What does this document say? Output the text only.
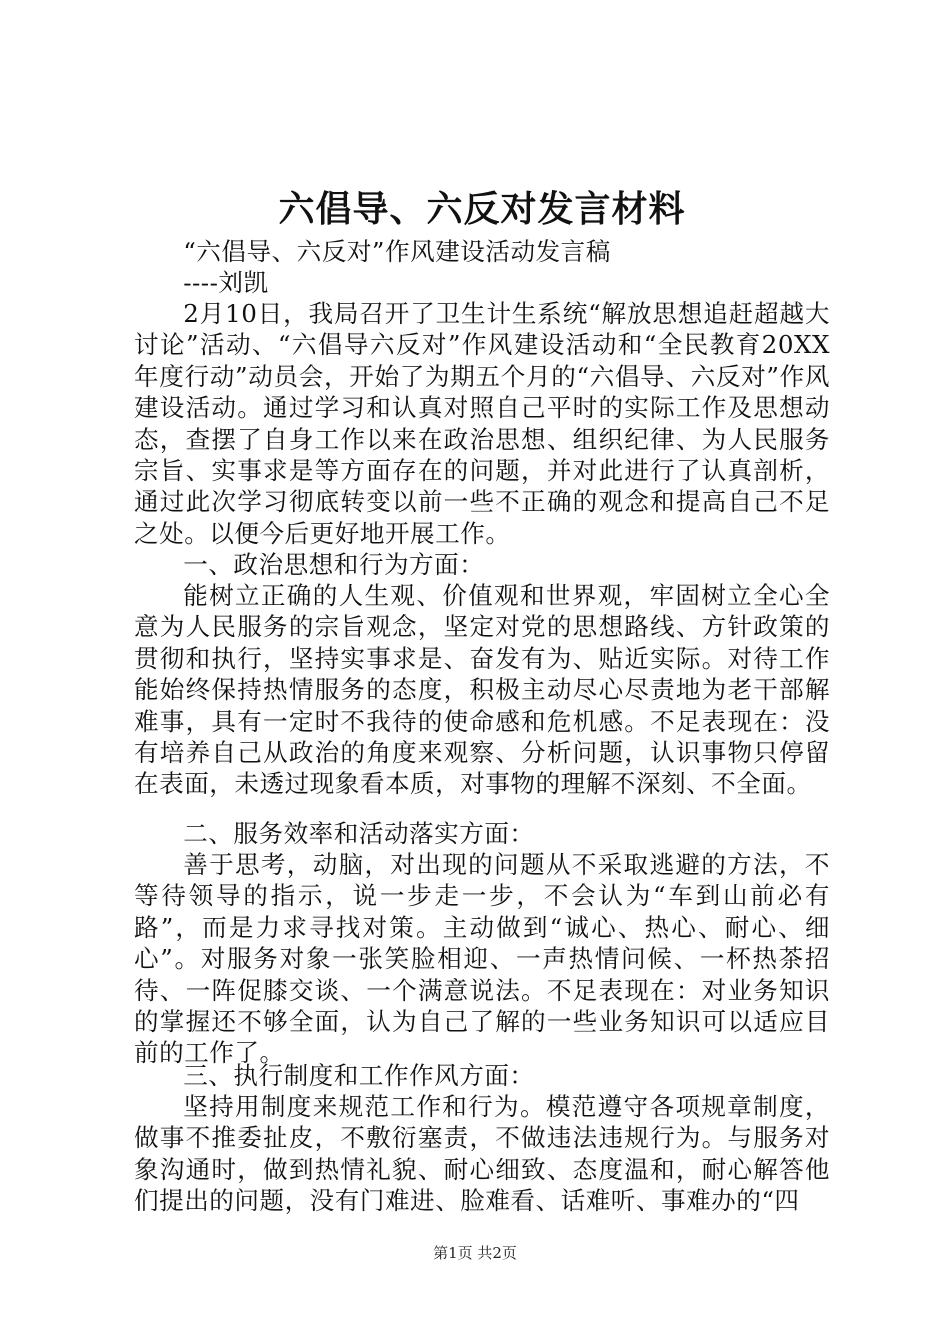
六倡导、六反对发言材料

“六倡导、六反对”作风建设活动发言稿

----刘凯

2月10日，我局召开了卫生计生系统“解放思想追赶超越大讨论”活动、“六倡导六反对”作风建设活动和“全民教育20XX年度行动”动员会，开始了为期五个月的“六倡导、六反对”作风建设活动。通过学习和认真对照自己平时的实际工作及思想动态，查摆了自身工作以来在政治思想、组织纪律、为人民服务宗旨、实事求是等方面存在的问题，并对此进行了认真剖析，通过此次学习彻底转变以前一些不正确的观念和提高自己不足之处。以便今后更好地开展工作。

一、政治思想和行为方面：

能树立正确的人生观、价值观和世界观，牢固树立全心全意为人民服务的宗旨观念，坚定对党的思想路线、方针政策的贯彻和执行，坚持实事求是、奋发有为、贴近实际。对待工作能始终保持热情服务的态度，积极主动尽心尽责地为老干部解难事，具有一定时不我待的使命感和危机感。不足表现在：没有培养自己从政治的角度来观察、分析问题，认识事物只停留在表面，未透过现象看本质，对事物的理解不深刻、不全面。

二、服务效率和活动落实方面：

善于思考，动脑，对出现的问题从不采取逃避的方法，不等待领导的指示，说一步走一步，不会认为“车到山前必有路”，而是力求寻找对策。主动做到“诚心、热心、耐心、细心”。对服务对象一张笑脸相迎、一声热情问候、一杯热茶招待、一阵促膝交谈、一个满意说法。不足表现在：对业务知识的掌握还不够全面，认为自己了解的一些业务知识可以适应目前的工作了。

三、执行制度和工作作风方面：

坚持用制度来规范工作和行为。模范遵守各项规章制度，做事不推委扯皮，不敷衍塞责，不做违法违规行为。与服务对象沟通时，做到热情礼貌、耐心细致、态度温和，耐心解答他们提出的问题，没有门难进、脸难看、话难听、事难办的“四

第1页 共2页
